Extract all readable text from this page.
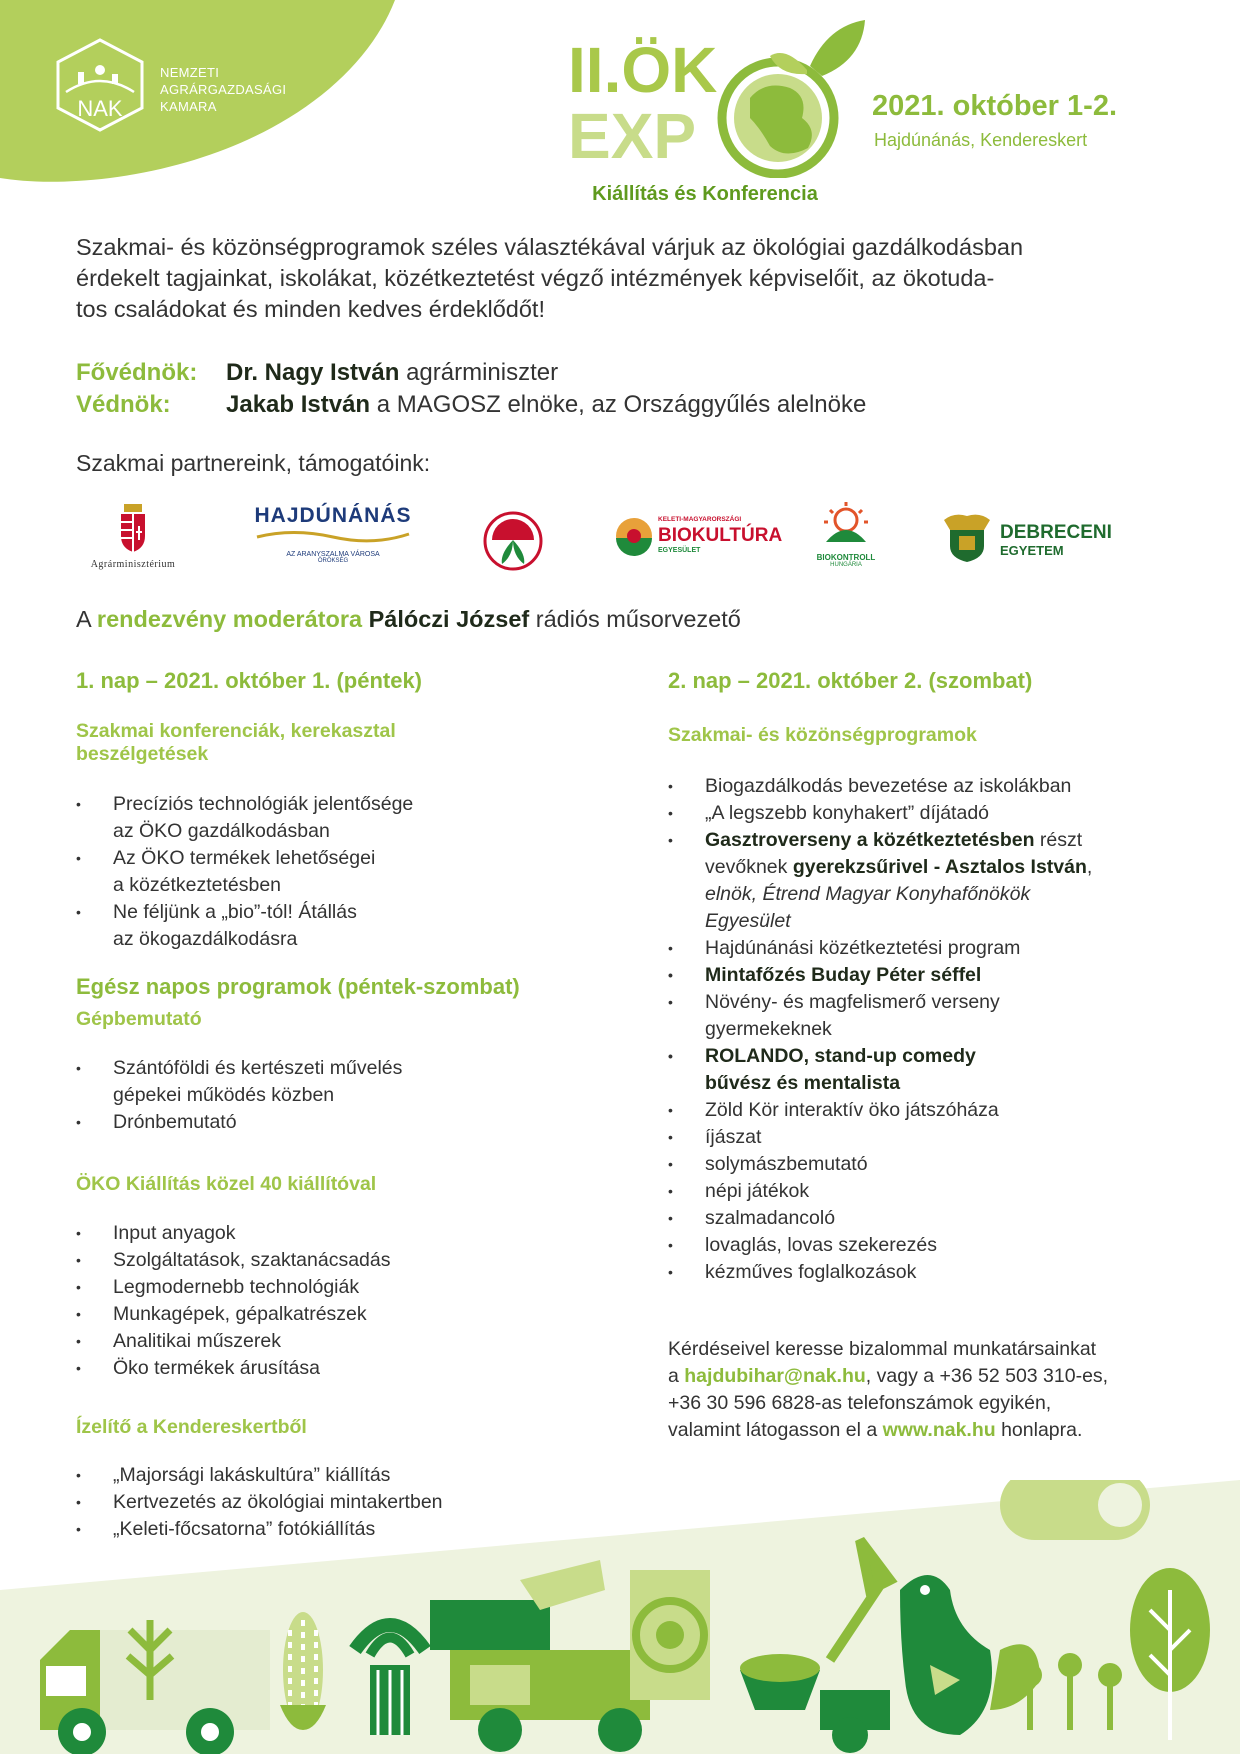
NAK
NEMZETI
AGRÁRGAZDASÁGI
KAMARA
II.ÖK
EXP	2021. október 1-2.
Hajdúnánás, Kendereskert
Kiállítás és Konferencia
Szakmai- és közönségprogramok széles választékával várjuk az ökológiai gazdálkodásban
érdekelt tagjainkat, iskolákat, közétkeztetést végző intézmények képviselőit, az ökotuda-
tos családokat és minden kedves érdeklődőt!
Fővédnök: Dr. Nagy István agrárminiszter
Védnök: Jakab István a MAGOSZ elnöke, az Országgyűlés alelnöke
Szakmai partnereink, támogatóink:
Agrárminisztérium
HAJDÚNÁNÁS
AZ ARANYSZALMA VÁROSA
ÖRÖKSÉG
KELETI-MAGYARORSZÁGI
BIOKULTÚRA
EGYESÜLET
BIOKONTROLL
HUNGÁRIA
DEBRECENI
EGYETEM
A rendezvény moderátora Pálóczi József rádiós műsorvezető
1. nap – 2021. október 1. (péntek)
Szakmai konferenciák, kerekasztal
beszélgetések
• Precíziós technológiák jelentősége
az ÖKO gazdálkodásban
• Az ÖKO termékek lehetőségei
a közétkeztetésben
• Ne féljünk a „bio”-tól! Átállás
az ökogazdálkodásra
Egész napos programok (péntek-szombat)
Gépbemutató
• Szántóföldi és kertészeti művelés
gépekei működés közben
• Drónbemutató
ÖKO Kiállítás közel 40 kiállítóval
• Input anyagok
• Szolgáltatások, szaktanácsadás
• Legmodernebb technológiák
• Munkagépek, gépalkatrészek
• Analitikai műszerek
• Öko termékek árusítása
Ízelítő a Kendereskertből
• „Majorsági lakáskultúra” kiállítás
• Kertvezetés az ökológiai mintakertben
• „Keleti-főcsatorna” fotókiállítás
2. nap – 2021. október 2. (szombat)
Szakmai- és közönségprogramok
• Biogazdálkodás bevezetése az iskolákban
• „A legszebb konyhakert” díjátadó
• Gasztroverseny a közétkeztetésben részt
vevőknek gyerekzsűrivel - Asztalos István,
elnök, Étrend Magyar Konyhafőnökök
Egyesület
• Hajdúnánási közétkeztetési program
• Mintafőzés Buday Péter séffel
• Növény- és magfelismerő verseny
gyermekeknek
• ROLANDO, stand-up comedy
bűvész és mentalista
• Zöld Kör interaktív öko játszóháza
• íjászat
• solymászbemutató
• népi játékok
• szalmadancoló
• lovaglás, lovas szekerezés
• kézműves foglalkozások
Kérdéseivel keresse bizalommal munkatársainkat
a hajdubihar@nak.hu, vagy a +36 52 503 310-es,
+36 30 596 6828-as telefonszámok egyikén,
valamint látogasson el a www.nak.hu honlapra.
